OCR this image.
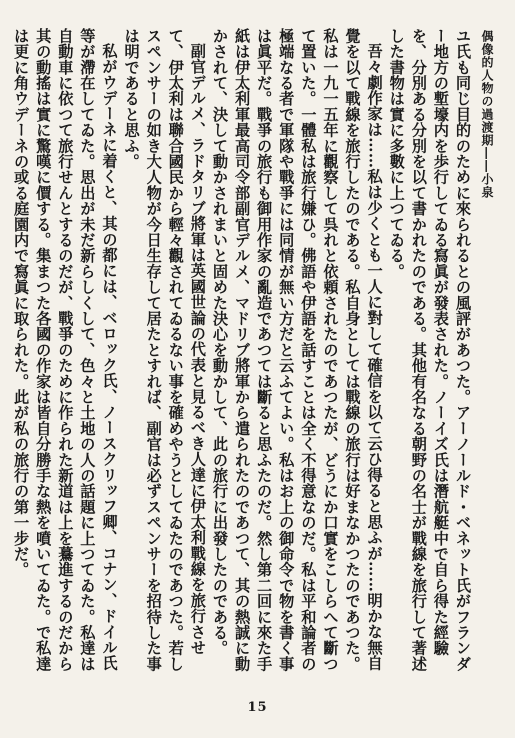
偶像的人物の過渡期――小泉

ユ氏も同じ目的のために來られるとの風評があつた。アーノールド・ベネット氏がフランダー地方の塹壕内を歩行してゐる寫眞が發表された。ノーイズ氏は潛航艇中で自ら得た經驗を、分別ある分別を以て書かれたのである。其他有名なる朝野の名士が戰線を旅行して著述した書物は實に多數に上つてゐる。

吾々劇作家は……私は少くとも一人に對して確信を以て云ひ得ると思ふが……明かな無自覺を以て戰線を旅行したのである。私自身としては戰線の旅行は好まなかつたのであつた。私は一九一五年に觀察して呉れと依頼されたのであつたが、どうにか口實をこしらへて斷つて置いた。一體私は旅行嫌ひ。佛語や伊語を話すことは全く不得意なのだ。私は平和論者の極端なる者で軍隊や戰爭には同情が無い方だと云ふてよい。私はお上の御命令で物を書く事は眞平だ。戰爭の旅行も御用作家の亂造であつては斷ると思ふたのだ。然し第二回に來た手紙は伊太利軍最高司令部副官デルメ、マドリブ將軍から遣られたのであつて、其の熱誠に動かされて、決して動かされまいと固めた決心を動かして、此の旅行に出發したのである。

副官デルメ、ラドタリブ將軍は英國世論の代表と見るべき人達に伊太利戰線を旅行させて、伊太利は聯合國民から輕々觀されてゐるない事を確めやうとしてゐたのであつた。若しスペンサーの如き大人物が今日生存して居たとすれば、副官は必ずスペンサーを招待した事は明であると思ふ。

私がウデーネに着くと、其の都には、ベロック氏、ノースクリッフ卿、コナン、ドイル氏等が滯在してゐた。思出が未だ新らしくして、色々と土地の人の話題に上つてゐた。私達は自動車に依つて旅行せんとするのだが、戰爭のために作られた新道は上を驀進するのだから其の動搖は實に驚嘆に價する。集まつた各國の作家は皆自分勝手な熱を噴いてゐた。で私達は更に角ウデーネの或る庭園内で寫眞に取られた。此が私の旅行の第一步だ。

15
